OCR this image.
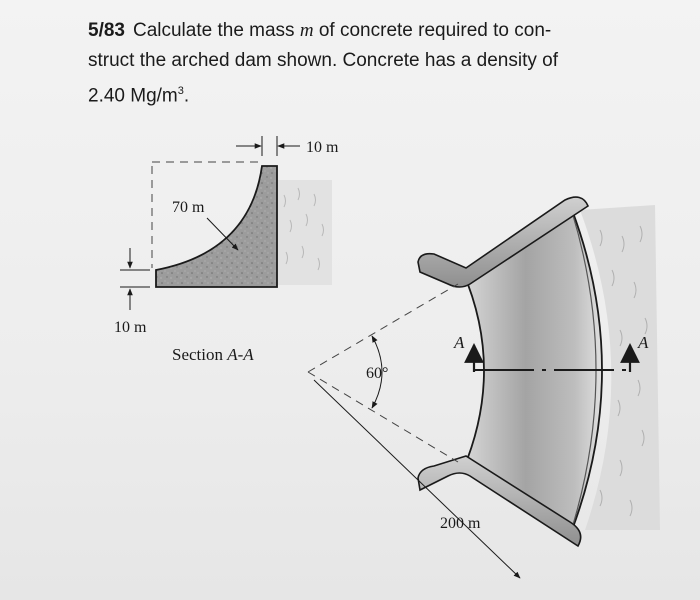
5/83 Calculate the mass m of concrete required to con-
struct the arched dam shown. Concrete has a density of
2.40 $Mg/m^3$.
10 m
70 m
10 m
Section A-A
60°
A	A
200 m
